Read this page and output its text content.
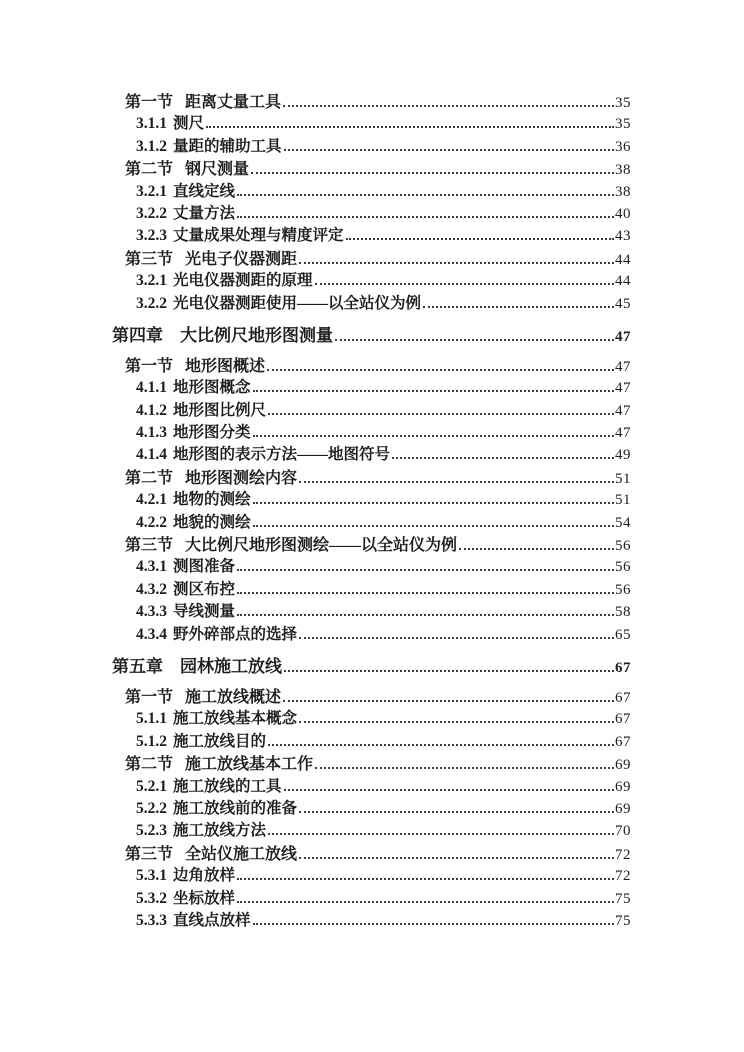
第一节 距离丈量工具	35
3.1.1 测尺	35
3.1.2 量距的辅助工具	36
第二节 钢尺测量	38
3.2.1 直线定线	38
3.2.2 丈量方法	40
3.2.3 丈量成果处理与精度评定	43
第三节 光电子仪器测距	44
3.2.1 光电仪器测距的原理	44
3.2.2 光电仪器测距使用——以全站仪为例	45
第四章 大比例尺地形图测量	47
第一节 地形图概述	47
4.1.1 地形图概念	47
4.1.2 地形图比例尺	47
4.1.3 地形图分类	47
4.1.4 地形图的表示方法——地图符号	49
第二节 地形图测绘内容	51
4.2.1 地物的测绘	51
4.2.2 地貌的测绘	54
第三节 大比例尺地形图测绘——以全站仪为例	56
4.3.1 测图准备	56
4.3.2 测区布控	56
4.3.3 导线测量	58
4.3.4 野外碎部点的选择	65
第五章 园林施工放线	67
第一节 施工放线概述	67
5.1.1 施工放线基本概念	67
5.1.2 施工放线目的	67
第二节 施工放线基本工作	69
5.2.1 施工放线的工具	69
5.2.2 施工放线前的准备	69
5.2.3 施工放线方法	70
第三节 全站仪施工放线	72
5.3.1 边角放样	72
5.3.2 坐标放样	75
5.3.3 直线点放样	75
